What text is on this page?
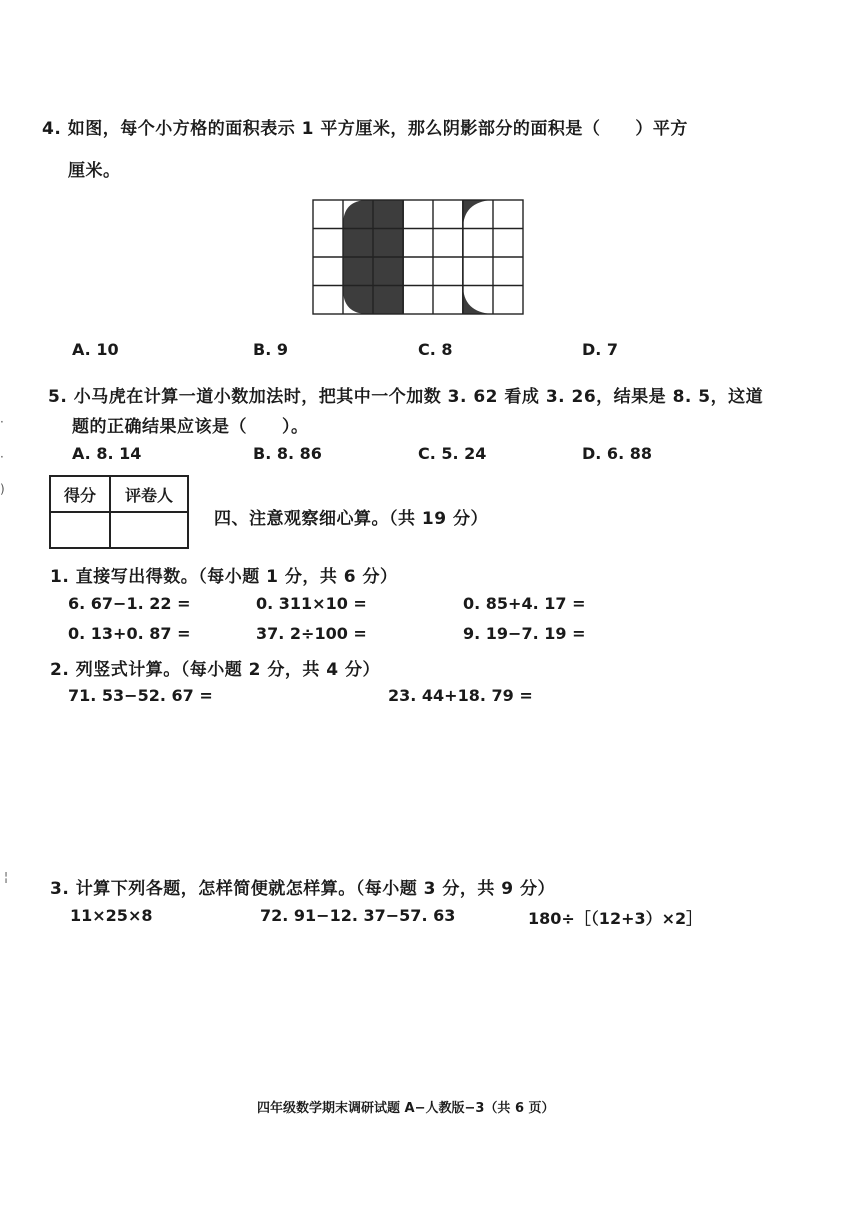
·
·
)
¦
4. 如图，每个小方格的面积表示 1 平方厘米，那么阴影部分的面积是（　　）平方
厘米。
A. 10	B. 9	C. 8	D. 7
5. 小马虎在计算一道小数加法时，把其中一个加数 3. 62 看成 3. 26，结果是 8. 5，这道
题的正确结果应该是（　　）。
A. 8. 14	B. 8. 86	C. 5. 24	D. 6. 88
得分	评卷人

四、注意观察细心算。（共 19 分）
1. 直接写出得数。（每小题 1 分，共 6 分）
6. 67−1. 22 =	0. 311×10 =	0. 85+4. 17 =
0. 13+0. 87 =	37. 2÷100 =	9. 19−7. 19 =
2. 列竖式计算。（每小题 2 分，共 4 分）
71. 53−52. 67 =	23. 44+18. 79 =
3. 计算下列各题，怎样简便就怎样算。（每小题 3 分，共 9 分）
11×25×8	72. 91−12. 37−57. 63	180÷［（12+3）×2］
四年级数学期末调研试题 A−人教版−3（共 6 页）
